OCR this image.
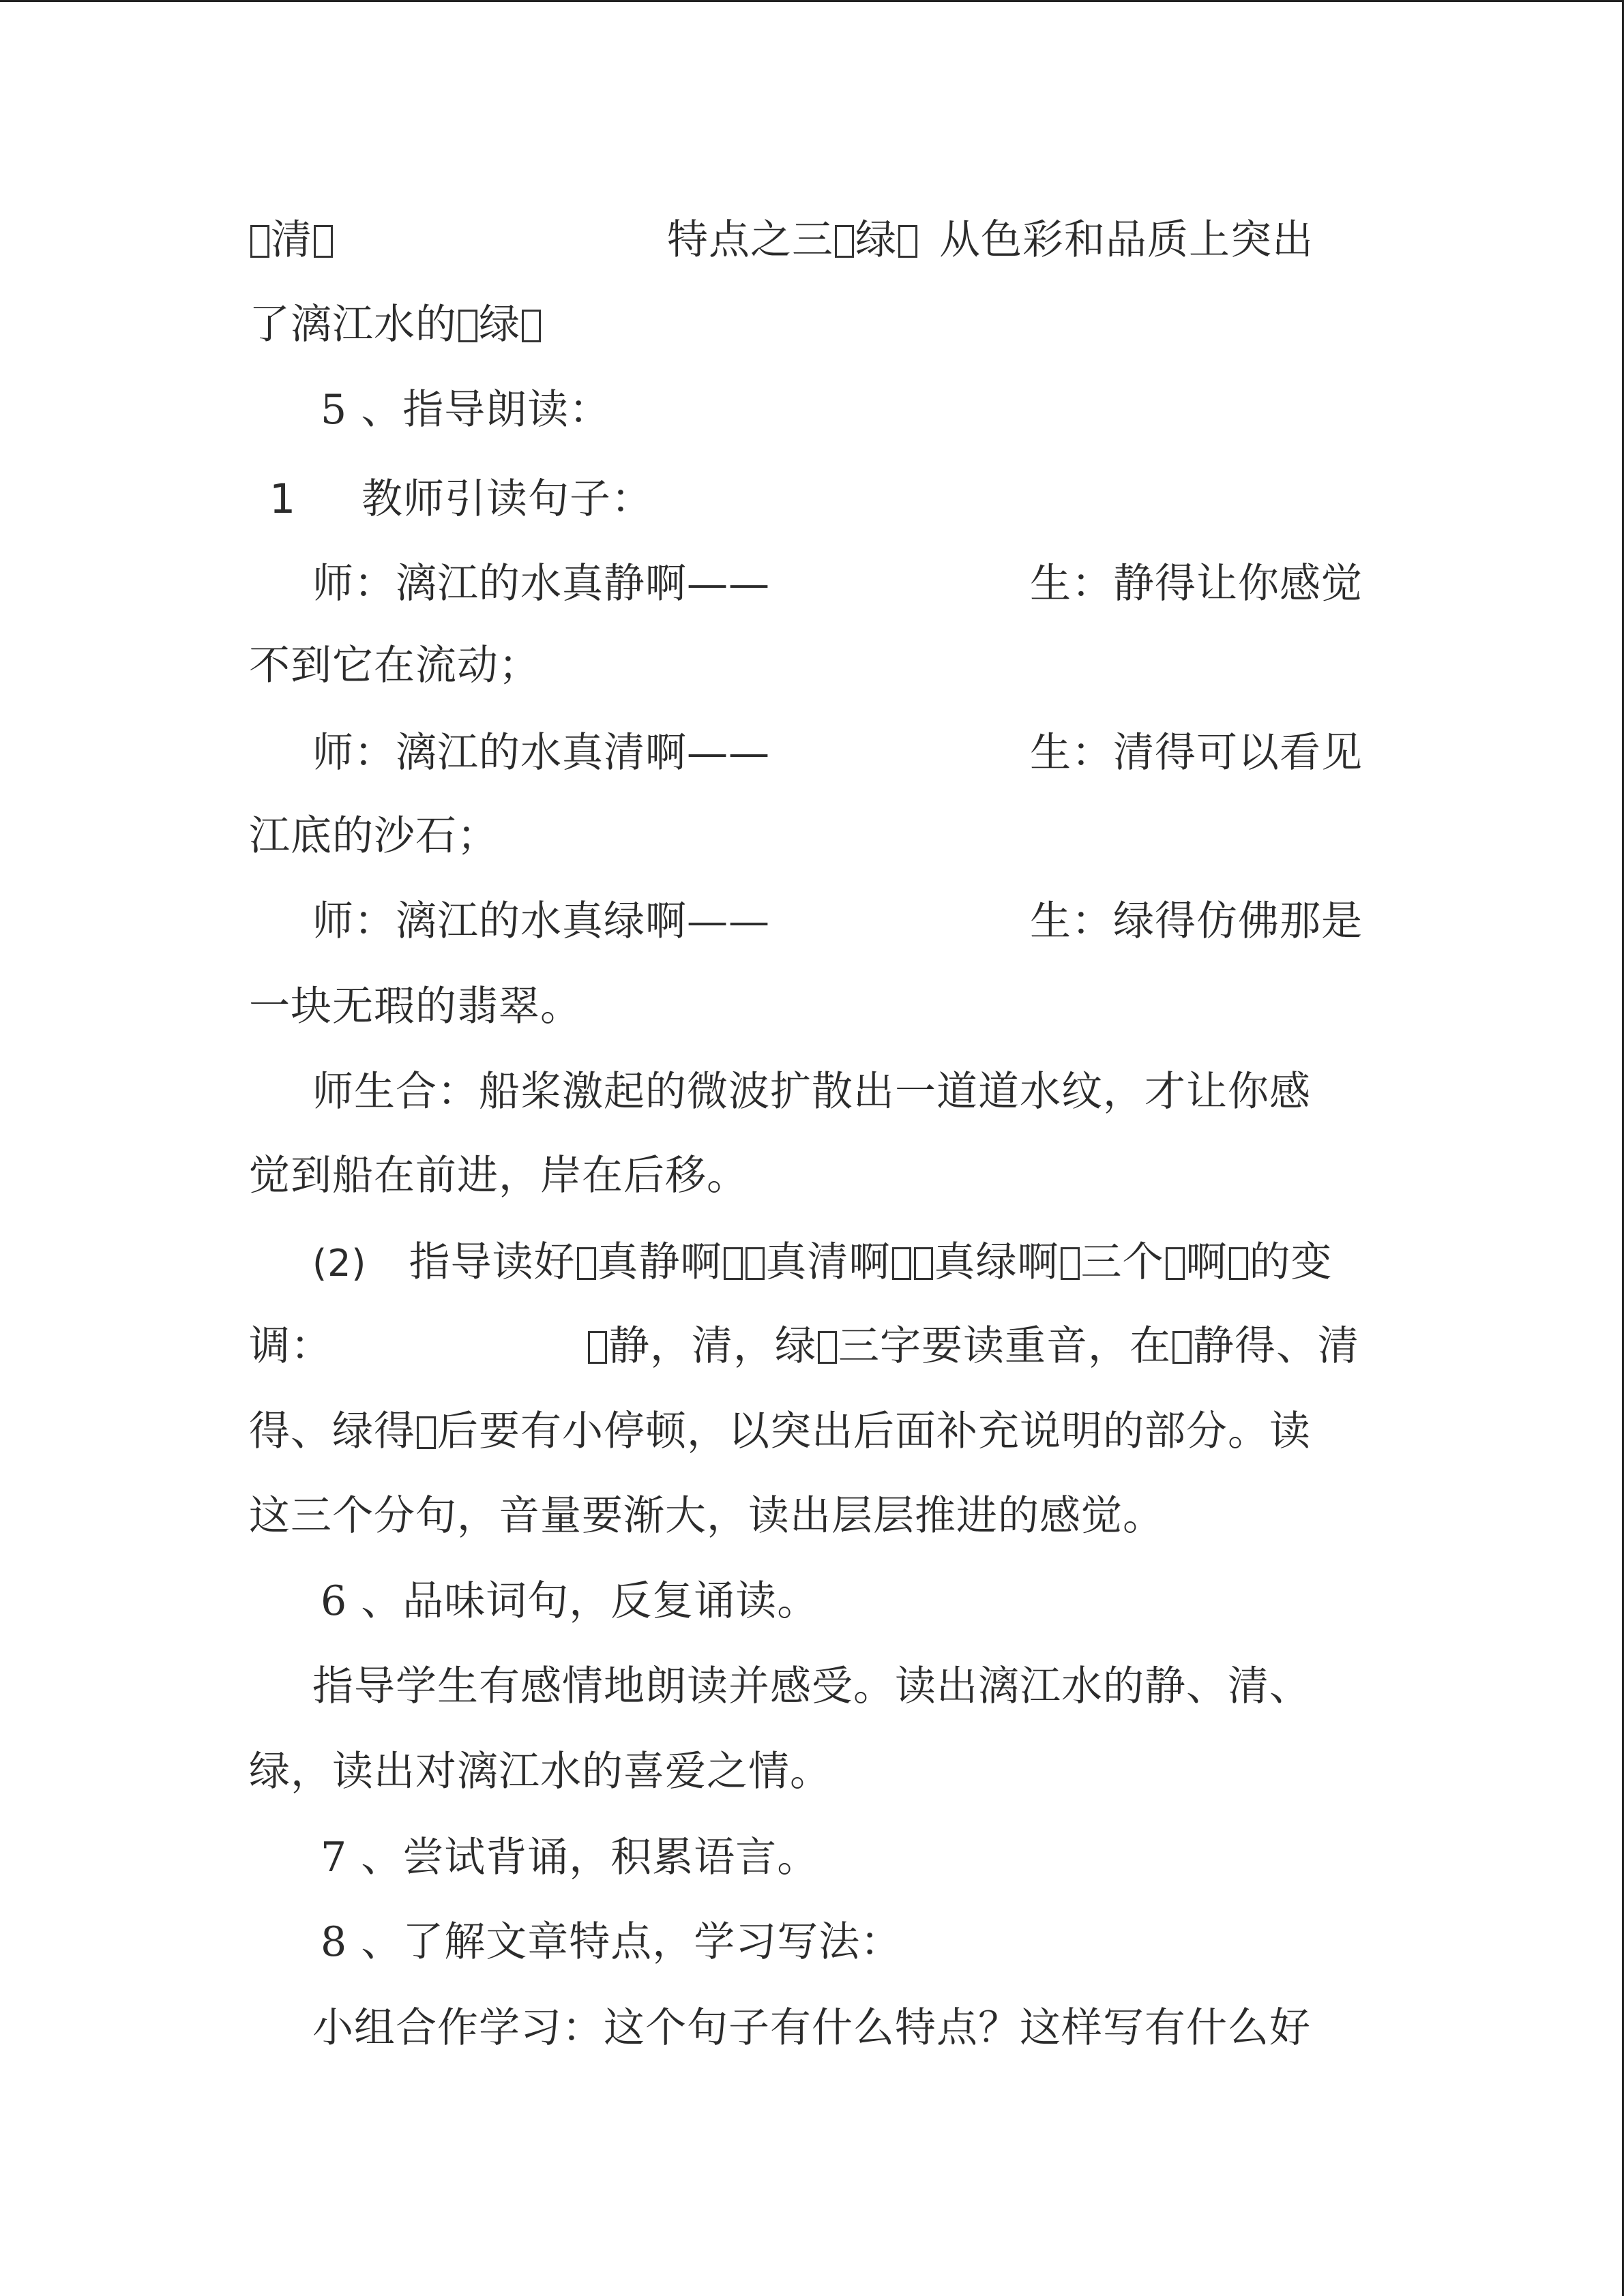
清	特点之三 绿 从色彩和品质上突出
了漓江水的 绿
5 、指导朗读：
1 教师引读句子：
师：漓江的水真静啊——	生：静得让你感觉
不到它在流动；
师：漓江的水真清啊——	生：清得可以看见
江底的沙石；
师：漓江的水真绿啊——	生：绿得仿佛那是
一块无瑕的翡翠。
师生合：船桨激起的微波扩散出一道道水纹，才让你感
觉到船在前进，岸在后移。
(2) 指导读好 真静啊 真清啊 真绿啊 三个 啊 的变
调：	静，清，绿 三字要读重音，在 静得、清
得、绿得 后要有小停顿，以突出后面补充说明的部分。读
这三个分句，音量要渐大，读出层层推进的感觉。
6 、品味词句，反复诵读。
指导学生有感情地朗读并感受。读出漓江水的静、清、
绿，读出对漓江水的喜爱之情。
7 、尝试背诵，积累语言。
8 、了解文章特点，学习写法：
小组合作学习：这个句子有什么特点？这样写有什么好
